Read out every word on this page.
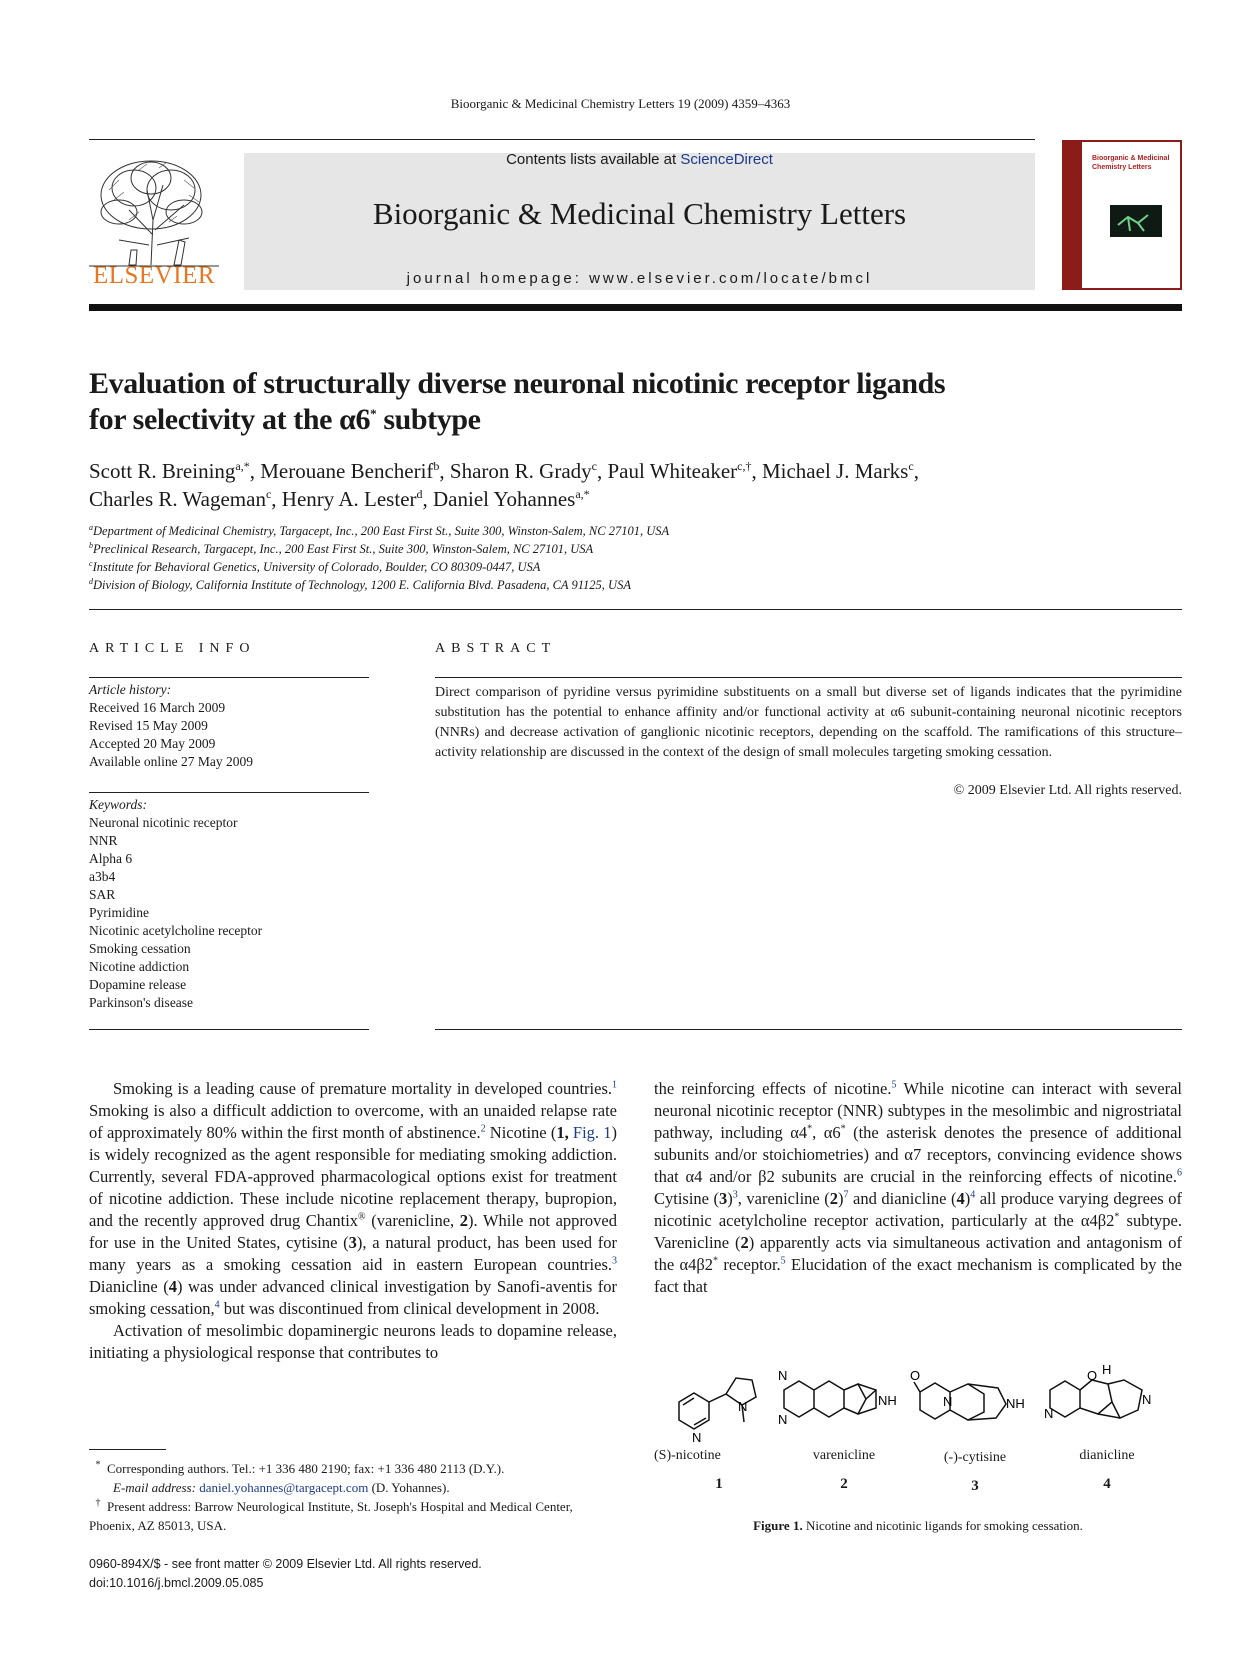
Bioorganic & Medicinal Chemistry Letters 19 (2009) 4359–4363
ELSEVIER
Contents lists available at ScienceDirect
Bioorganic & Medicinal Chemistry Letters
journal homepage: www.elsevier.com/locate/bmcl
Bioorganic & Medicinal Chemistry Letters
Evaluation of structurally diverse neuronal nicotinic receptor ligands
for selectivity at the α6* subtype
Scott R. Breining$^{a,*}$, Merouane Bencherif$^b$, Sharon R. Grady$^c$, Paul Whiteaker$^{c,\dagger}$, Michael J. Marks$^c$,
Charles R. Wageman$^c$, Henry A. Lester$^d$, Daniel Yohannes$^{a,*}$
$^a$Department of Medicinal Chemistry, Targacept, Inc., 200 East First St., Suite 300, Winston-Salem, NC 27101, USA
$^b$Preclinical Research, Targacept, Inc., 200 East First St., Suite 300, Winston-Salem, NC 27101, USA
$^c$Institute for Behavioral Genetics, University of Colorado, Boulder, CO 80309-0447, USA
$^d$Division of Biology, California Institute of Technology, 1200 E. California Blvd. Pasadena, CA 91125, USA
ARTICLE INFO	ABSTRACT
Article history:
Received 16 March 2009
Revised 15 May 2009
Accepted 20 May 2009
Available online 27 May 2009
Keywords:
Neuronal nicotinic receptor
NNR
Alpha 6
a3b4
SAR
Pyrimidine
Nicotinic acetylcholine receptor
Smoking cessation
Nicotine addiction
Dopamine release
Parkinson's disease
Direct comparison of pyridine versus pyrimidine substituents on a small but diverse set of ligands indicates that the pyrimidine substitution has the potential to enhance affinity and/or functional activity at α6 subunit-containing neuronal nicotinic receptors (NNRs) and decrease activation of ganglionic nicotinic receptors, depending on the scaffold. The ramifications of this structure–activity relationship are discussed in the context of the design of small molecules targeting smoking cessation.
© 2009 Elsevier Ltd. All rights reserved.

Smoking is a leading cause of premature mortality in developed countries.$^1$ Smoking is also a difficult addiction to overcome, with an unaided relapse rate of approximately 80% within the first month of abstinence.$^2$ Nicotine (1, Fig. 1) is widely recognized as the agent responsible for mediating smoking addiction. Currently, several FDA-approved pharmacological options exist for treatment of nicotine addiction. These include nicotine replacement therapy, bupropion, and the recently approved drug Chantix® (varenicline, 2). While not approved for use in the United States, cytisine (3), a natural product, has been used for many years as a smoking cessation aid in eastern European countries.$^3$ Dianicline (4) was under advanced clinical investigation by Sanofi-aventis for smoking cessation,$^4$ but was discontinued from clinical development in 2008.

Activation of mesolimbic dopaminergic neurons leads to dopamine release, initiating a physiological response that contributes to

the reinforcing effects of nicotine.$^5$ While nicotine can interact with several neuronal nicotinic receptor (NNR) subtypes in the mesolimbic and nigrostriatal pathway, including α4*, α6* (the asterisk denotes the presence of additional subunits and/or stoichiometries) and α7 receptors, convincing evidence shows that α4 and/or β2 subunits are crucial in the reinforcing effects of nicotine.$^6$ Cytisine (3)$^3$, varenicline (2)$^7$ and dianicline (4)$^4$ all produce varying degrees of nicotinic acetylcholine receptor activation, particularly at the α4β2* subtype. Varenicline (2) apparently acts via simultaneous activation and antagonism of the α4β2* receptor.$^5$ Elucidation of the exact mechanism is complicated by the fact that

N
N
N
N
NH
O
N	NH
N
O H
N
(S)-nicotine	varenicline	(-)-cytisine	dianicline
1	2	3	4
Figure 1. Nicotine and nicotinic ligands for smoking cessation.

* Corresponding authors. Tel.: +1 336 480 2190; fax: +1 336 480 2113 (D.Y.).

E-mail address: daniel.yohannes@targacept.com (D. Yohannes).

† Present address: Barrow Neurological Institute, St. Joseph's Hospital and Medical Center, Phoenix, AZ 85013, USA.

0960-894X/$ - see front matter © 2009 Elsevier Ltd. All rights reserved.
doi:10.1016/j.bmcl.2009.05.085
